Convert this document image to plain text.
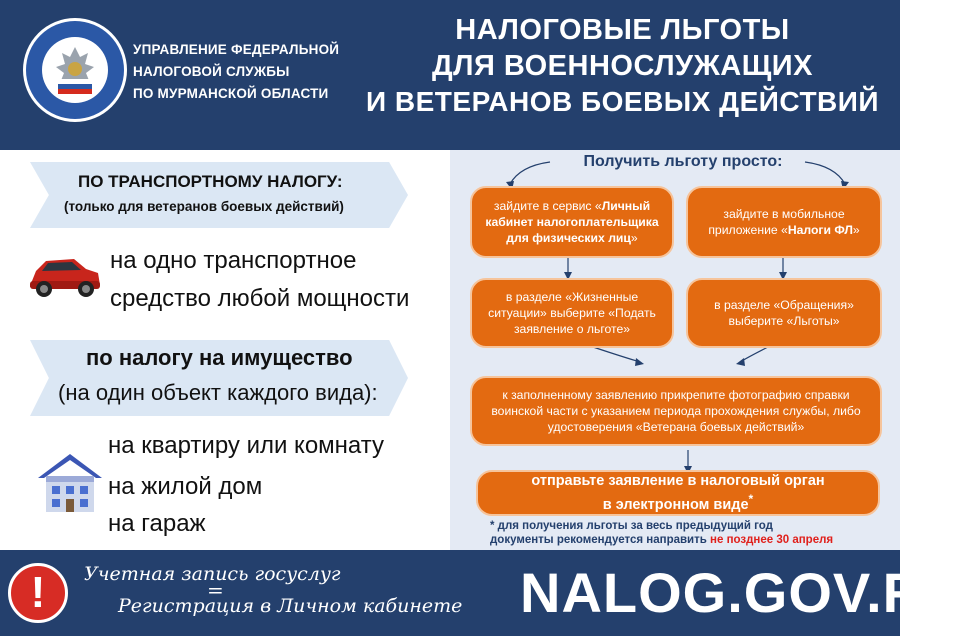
УПРАВЛЕНИЕ ФЕДЕРАЛЬНОЙ
НАЛОГОВОЙ СЛУЖБЫ
ПО МУРМАНСКОЙ ОБЛАСТИ
НАЛОГОВЫЕ ЛЬГОТЫ
ДЛЯ ВОЕННОСЛУЖАЩИХ
И ВЕТЕРАНОВ БОЕВЫХ ДЕЙСТВИЙ
ПО ТРАНСПОРТНОМУ НАЛОГУ:
(только для ветеранов боевых действий)
на одно транспортное
средство любой мощности
по налогу на имущество
(на один объект каждого вида):
на квартиру или комнату
на жилой дом
на гараж
Получить льготу просто:
зайдите в сервис «Личный кабинет налогоплательщика для физических лиц»
зайдите в мобильное приложение «Налоги ФЛ»
в разделе «Жизненные ситуации» выберите «Подать заявление о льготе»
в разделе «Обращения» выберите «Льготы»
к заполненному заявлению прикрепите фотографию справки воинской части с указанием периода прохождения службы, либо удостоверения «Ветерана боевых действий»
отправьте заявление в налоговый орган
в электронном виде*
* для получения льготы за весь предыдущий год
документы рекомендуется направить не позднее 30 апреля
!	Учетная запись госуслуг
=
Регистрация в Личном кабинете NALOG.GOV.RU
